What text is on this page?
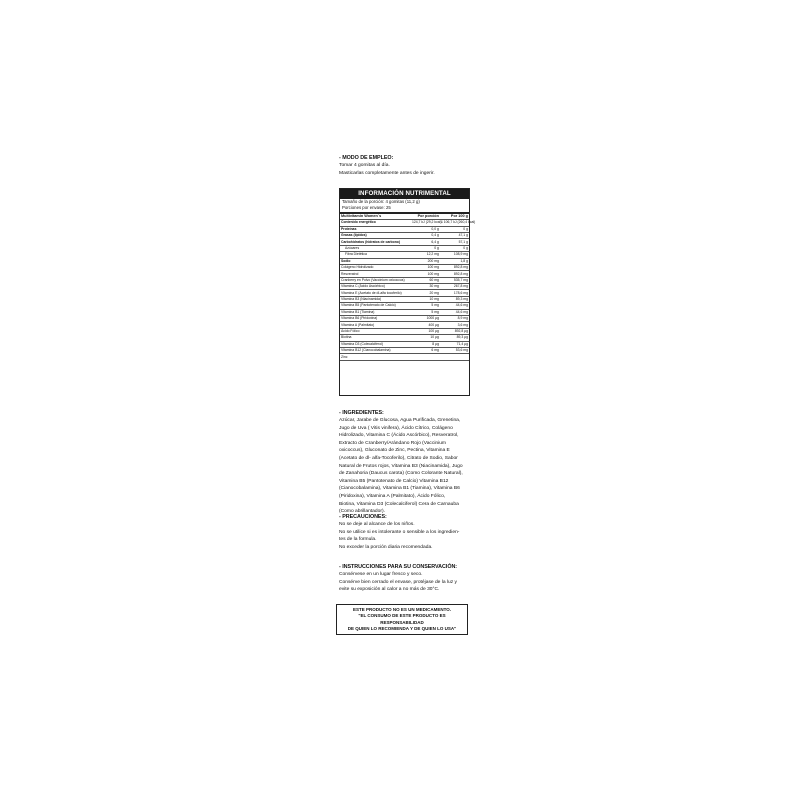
- MODO DE EMPLEO:
Tomar 4 gomitas al día.
Masticarlas completamente antes de ingerir.
INFORMACIÓN NUTRIMENTAL
Tamaño de la porción: 4 gomitas (11,2 g)
Porciones por envase: 25
Multivitamin Women´s	Por porción	Por 100 g
Contenido energético	124,7 kJ (29,2 kcal)	1 106,7 kJ (260,4 kcal)
Proteínas	0,0 g	0 g
Grasas (lípidos)	0,4 g	47,1 g
Carbohidratos (hidratos de carbono)	6,4 g	57,1 g
Azúcares	0 g	0 g
Fibra Dietética	12,2 mg	108,9 mg
Sodio	200 mg	1,8 g
Colágeno Hidrolizado	100 mg	892,8 mg
Resveratrol	100 mg	892,8 mg
Cranberry en Polvo (Vaccinium oxicoccus)	60 mg	535,7 mg
Vitamina C (Ácido Ascórbico)	30 mg	267,8 mg
Vitamina E (Acetato de dl-alfa tocoferilo)	20 mg	178,6 mg
Vitamina B3 (Niacinamida)	10 mg	89,3 mg
Vitamina B5 (Pantotenato de Calcio)	5 mg	44,6 mg
Vitamina B1 (Tiamina)	5 mg	44,6 mg
Vitamina B6 (Piridoxina)	1000 μg	8,9 mg
Vitamina A (Palmitato)	400 μg	3,6 mg
Ácido Fólico	100 μg	892,8 μg
Biotina	10 μg	89,3 μg
Vitamina D3 (Colecalciferol)	8 μg	71,4 μg
Vitamina B12 (Cianocobalamina)	6 mg	53,6 mg
Zinc		
- INGREDIENTES:
Azúcar, Jarabe de Glucosa, Agua Purificada, Grenetina,
Jugo de Uva ( Vitis vinifera), Ácido Cítrico, Colágeno
Hidrolizado, Vitamina C (Ácido Ascórbico), Resveratrol,
Extracto de Cranberry/Arándano Rojo (Vaccinium
oxicoccus), Gluconato de Zinc, Pectina, Vitamina E
(Acetato de dl- alfa-Tocoferilo), Citrato de Sodio, Sabor
Natural de Frutos rojos, Vitamina B3 (Niacinamida), Jugo
de Zanahoria (Daucus carota) (Como Colorante Natural),
Vitamina B5 (Pantotenato de Calcio) Vitamina B12
(Cianocobalamina), Vitamina B1 (Tiamina), Vitamina B6
(Piridoxina), Vitamina A (Palmitato), Ácido Fólico,
Biotina, Vitamina D3 (Colecalciferol) Cera de Carnauba
(Como abrillantador).
- PRECAUCIONES:
No se deje al alcance de los niños.
No se utilice si es intolerante o sensible a los ingredien-
tes de la formula.
No exceder la porción diaria recomendada.
- INSTRUCCIONES PARA SU CONSERVACIÓN:
Consérvese en un lugar fresco y seco.
Consérve bien cerrado el envase, protéjase de la luz y
evite su exposición al calor a no más de 30°C.
ESTE PRODUCTO NO ES UN MEDICAMENTO.
"EL CONSUMO DE ESTE PRODUCTO ES RESPONSABILIDAD
DE QUIEN LO RECOMIENDA Y DE QUIEN LO USA"
